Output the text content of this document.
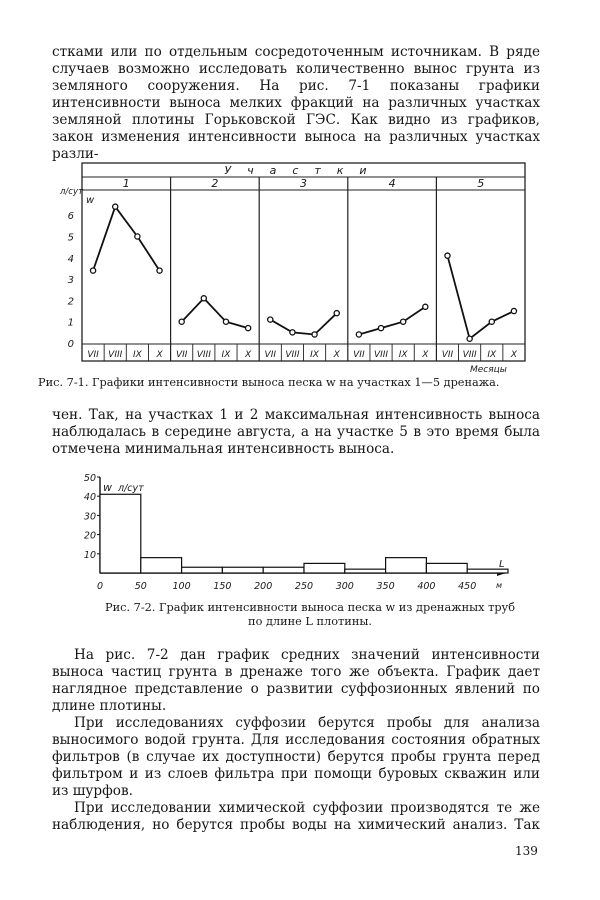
стками или по отдельным сосредоточенным источникам. В ряде случаев возможно исследовать количественно вынос грунта из земляного сооружения. На рис. 7-1 показаны графики интенсивности выноса мелких фракций на различных участках земляной плотины Горьковской ГЭС. Как видно из графиков, закон изменения интенсивности выноса на различных участках разли-

Участки
1
VII VIII IX X
2
VII VIII IX X
3
VII VIII IX X
4
VII VIII IX X
5
VII VIII IX X
0
1
2
3
4
5
6
л/сут
w
Месяцы
10
20
30
40
50
w л/сут
0	50	100 150 200 250 300 350 400 450
L
м
Рис. 7-1. Графики интенсивности выноса песка w на участках 1—5 дренажа.

чен. Так, на участках 1 и 2 максимальная интенсивность выноса наблюдалась в середине августа, а на участке 5 в это время была отмечена минимальная интенсивность выноса.

Рис. 7-2. График интенсивности выноса песка w из дренажных труб
по длине L плотины.

На рис. 7-2 дан график средних значений интенсивности выноса частиц грунта в дренаже того же объекта. График дает наглядное представление о развитии суффозионных явлений по длине плотины.

При исследованиях суффозии берутся пробы для анализа выносимого водой грунта. Для исследования состояния обратных фильтров (в случае их доступности) берутся пробы грунта перед фильтром и из слоев фильтра при помощи буровых скважин или из шурфов.

При исследовании химической суффозии производятся те же наблюдения, но берутся пробы воды на химический анализ. Так

139
